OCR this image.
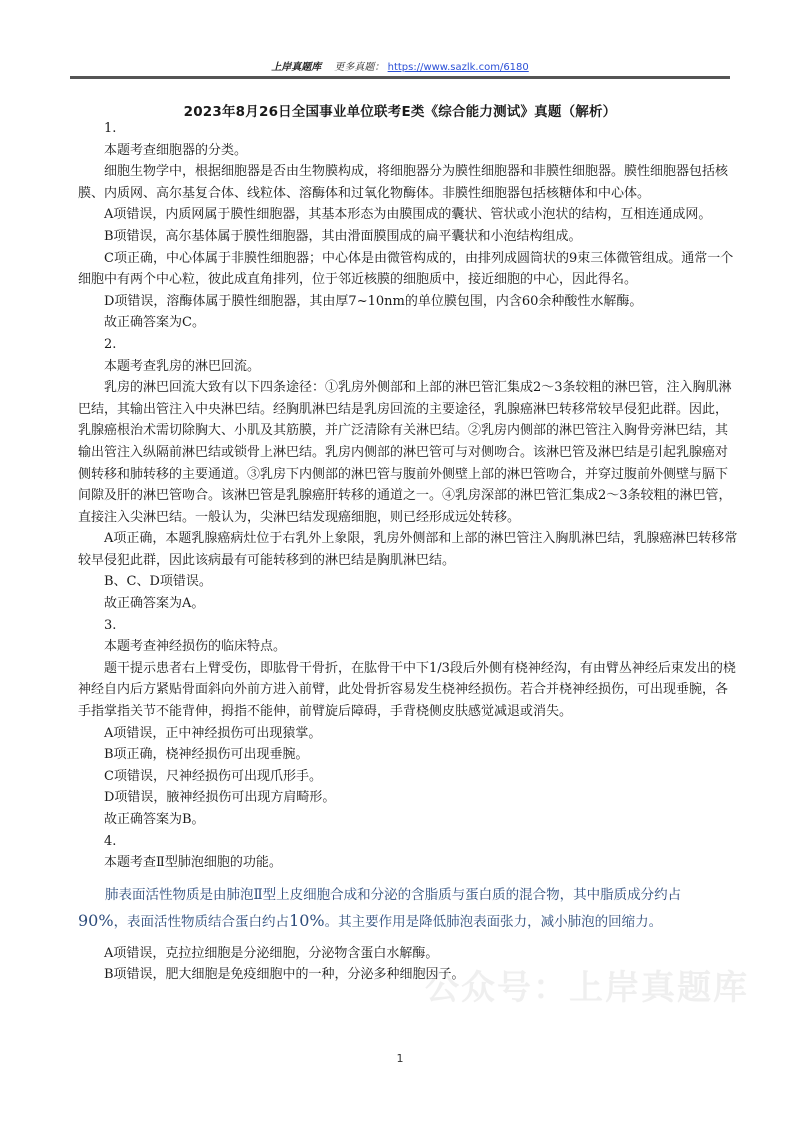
上岸真题库 更多真题： https://www.sazlk.com/6180
2023年8月26日全国事业单位联考E类《综合能力测试》真题（解析）

1.

本题考查细胞器的分类。

细胞生物学中，根据细胞器是否由生物膜构成，将细胞器分为膜性细胞器和非膜性细胞器。膜性细胞器包括核膜、内质网、高尔基复合体、线粒体、溶酶体和过氧化物酶体。非膜性细胞器包括核糖体和中心体。

A项错误，内质网属于膜性细胞器，其基本形态为由膜围成的囊状、管状或小泡状的结构，互相连通成网。

B项错误，高尔基体属于膜性细胞器，其由滑面膜围成的扁平囊状和小泡结构组成。

C项正确，中心体属于非膜性细胞器；中心体是由微管构成的，由排列成圆筒状的9束三体微管组成。通常一个细胞中有两个中心粒，彼此成直角排列，位于邻近核膜的细胞质中，接近细胞的中心，因此得名。

D项错误，溶酶体属于膜性细胞器，其由厚7~10nm的单位膜包围，内含60余种酸性水解酶。

故正确答案为C。

2.

本题考查乳房的淋巴回流。

乳房的淋巴回流大致有以下四条途径：①乳房外侧部和上部的淋巴管汇集成2～3条较粗的淋巴管，注入胸肌淋巴结，其输出管注入中央淋巴结。经胸肌淋巴结是乳房回流的主要途径，乳腺癌淋巴转移常较早侵犯此群。因此，乳腺癌根治术需切除胸大、小肌及其筋膜，并广泛清除有关淋巴结。②乳房内侧部的淋巴管注入胸骨旁淋巴结，其输出管注入纵隔前淋巴结或锁骨上淋巴结。乳房内侧部的淋巴管可与对侧吻合。该淋巴管及淋巴结是引起乳腺癌对侧转移和肺转移的主要通道。③乳房下内侧部的淋巴管与腹前外侧壁上部的淋巴管吻合，并穿过腹前外侧壁与膈下间隙及肝的淋巴管吻合。该淋巴管是乳腺癌肝转移的通道之一。④乳房深部的淋巴管汇集成2～3条较粗的淋巴管，直接注入尖淋巴结。一般认为，尖淋巴结发现癌细胞，则已经形成远处转移。

A项正确，本题乳腺癌病灶位于右乳外上象限，乳房外侧部和上部的淋巴管注入胸肌淋巴结，乳腺癌淋巴转移常较早侵犯此群，因此该病最有可能转移到的淋巴结是胸肌淋巴结。

B、C、D项错误。

故正确答案为A。

3.

本题考查神经损伤的临床特点。

题干提示患者右上臂受伤，即肱骨干骨折，在肱骨干中下1/3段后外侧有桡神经沟，有由臂丛神经后束发出的桡神经自内后方紧贴骨面斜向外前方进入前臂，此处骨折容易发生桡神经损伤。若合并桡神经损伤，可出现垂腕，各手指掌指关节不能背伸，拇指不能伸，前臂旋后障碍，手背桡侧皮肤感觉减退或消失。

A项错误，正中神经损伤可出现猿掌。

B项正确，桡神经损伤可出现垂腕。

C项错误，尺神经损伤可出现爪形手。

D项错误，腋神经损伤可出现方肩畸形。

故正确答案为B。

4.

本题考查Ⅱ型肺泡细胞的功能。

肺表面活性物质是由肺泡Ⅱ型上皮细胞合成和分泌的含脂质与蛋白质的混合物，其中脂质成分约占
90%，表面活性物质结合蛋白约占10%。其主要作用是降低肺泡表面张力，减小肺泡的回缩力。

A项错误，克拉拉细胞是分泌细胞，分泌物含蛋白水解酶。

B项错误，肥大细胞是免疫细胞中的一种，分泌多种细胞因子。

公众号：上岸真题库
1
